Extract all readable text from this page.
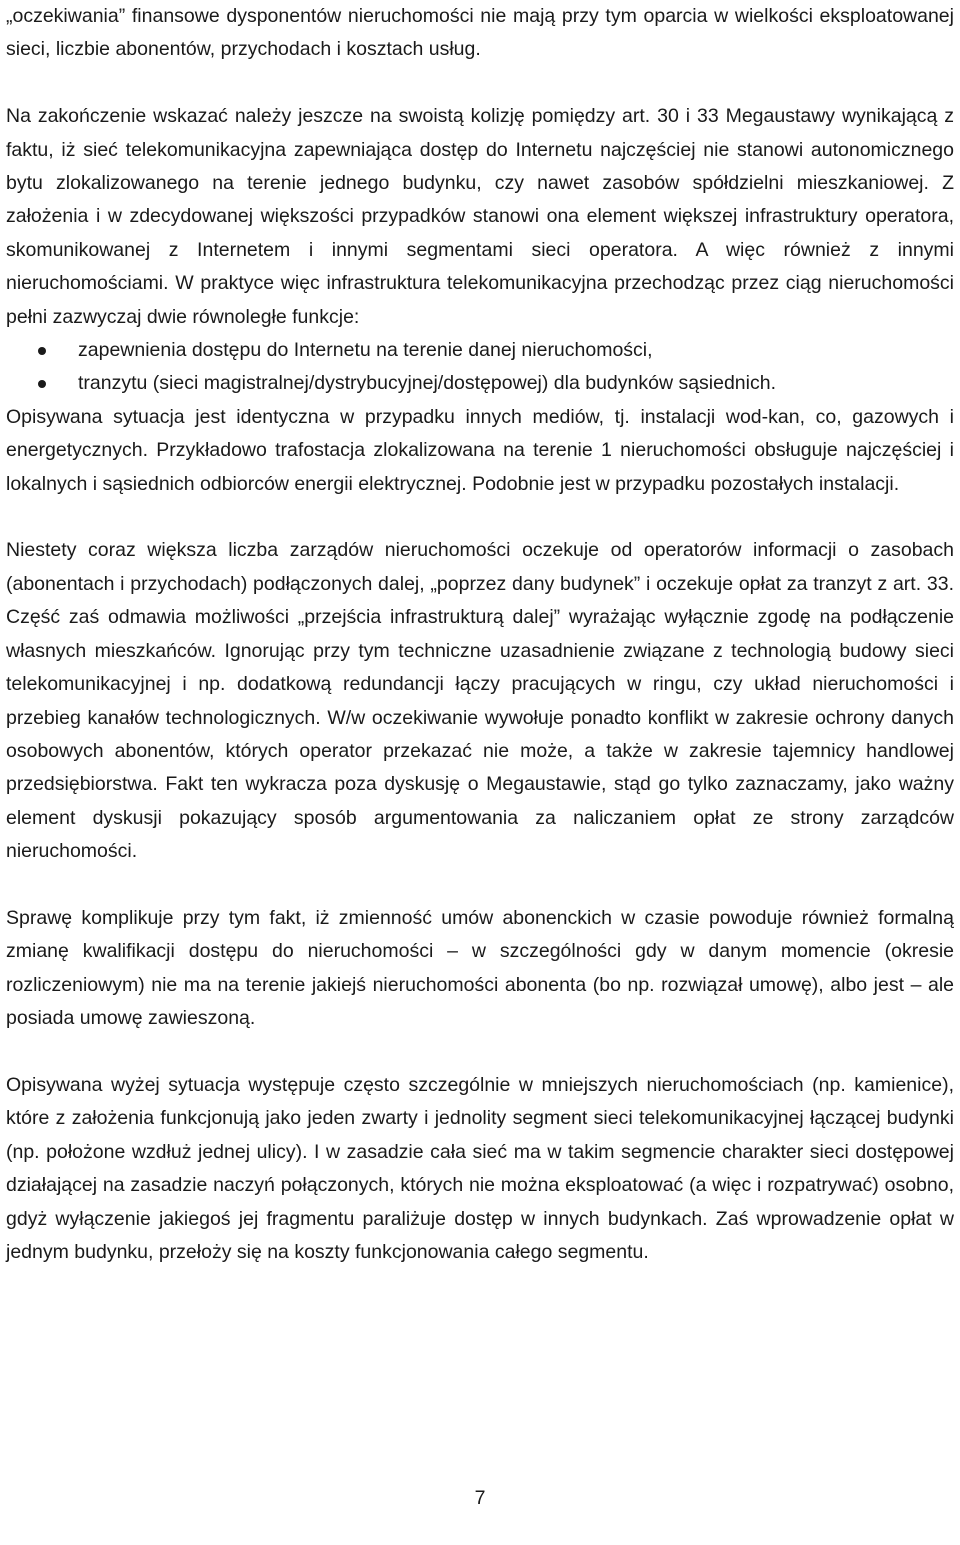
„oczekiwania” finansowe dysponentów nieruchomości nie mają przy tym oparcia w wielkości eksploatowanej sieci, liczbie abonentów, przychodach i kosztach usług.

Na zakończenie wskazać należy jeszcze na swoistą kolizję pomiędzy art. 30 i 33 Megaustawy wynikającą z faktu, iż sieć telekomunikacyjna zapewniająca dostęp do Internetu najczęściej nie stanowi autonomicznego bytu zlokalizowanego na terenie jednego budynku, czy nawet zasobów spółdzielni mieszkaniowej. Z założenia i w zdecydowanej większości przypadków stanowi ona element większej infrastruktury operatora, skomunikowanej z Internetem i innymi segmentami sieci operatora. A więc również z innymi nieruchomościami. W praktyce więc infrastruktura telekomunikacyjna przechodząc przez ciąg nieruchomości pełni zazwyczaj dwie równoległe funkcje:

zapewnienia dostępu do Internetu na terenie danej nieruchomości,
tranzytu (sieci magistralnej/dystrybucyjnej/dostępowej) dla budynków sąsiednich.

Opisywana sytuacja jest identyczna w przypadku innych mediów, tj. instalacji wod-kan, co, gazowych i energetycznych. Przykładowo trafostacja zlokalizowana na terenie 1 nieruchomości obsługuje najczęściej i lokalnych i sąsiednich odbiorców energii elektrycznej. Podobnie jest w przypadku pozostałych instalacji.

Niestety coraz większa liczba zarządów nieruchomości oczekuje od operatorów informacji o zasobach (abonentach i przychodach) podłączonych dalej, „poprzez dany budynek” i oczekuje opłat za tranzyt z art. 33. Część zaś odmawia możliwości „przejścia infrastrukturą dalej” wyrażając wyłącznie zgodę na podłączenie własnych mieszkańców. Ignorując przy tym techniczne uzasadnienie związane z technologią budowy sieci telekomunikacyjnej i np. dodatkową redundancji łączy pracujących w ringu, czy układ nieruchomości i przebieg kanałów technologicznych. W/w oczekiwanie wywołuje ponadto konflikt w zakresie ochrony danych osobowych abonentów, których operator przekazać nie może, a także w zakresie tajemnicy handlowej przedsiębiorstwa. Fakt ten wykracza poza dyskusję o Megaustawie, stąd go tylko zaznaczamy, jako ważny element dyskusji pokazujący sposób argumentowania za naliczaniem opłat ze strony zarządców nieruchomości.

Sprawę komplikuje przy tym fakt, iż zmienność umów abonenckich w czasie powoduje również formalną zmianę kwalifikacji dostępu do nieruchomości – w szczególności gdy w danym momencie (okresie rozliczeniowym) nie ma na terenie jakiejś nieruchomości abonenta (bo np. rozwiązał umowę), albo jest – ale posiada umowę zawieszoną.

Opisywana wyżej sytuacja występuje często szczególnie w mniejszych nieruchomościach (np. kamienice), które z założenia funkcjonują jako jeden zwarty i jednolity segment sieci telekomunikacyjnej łączącej budynki (np. położone wzdłuż jednej ulicy). I w zasadzie cała sieć ma w takim segmencie charakter sieci dostępowej działającej na zasadzie naczyń połączonych, których nie można eksploatować (a więc i rozpatrywać) osobno, gdyż wyłączenie jakiegoś jej fragmentu paraliżuje dostęp w innych budynkach. Zaś wprowadzenie opłat w jednym budynku, przełoży się na koszty funkcjonowania całego segmentu.

7
